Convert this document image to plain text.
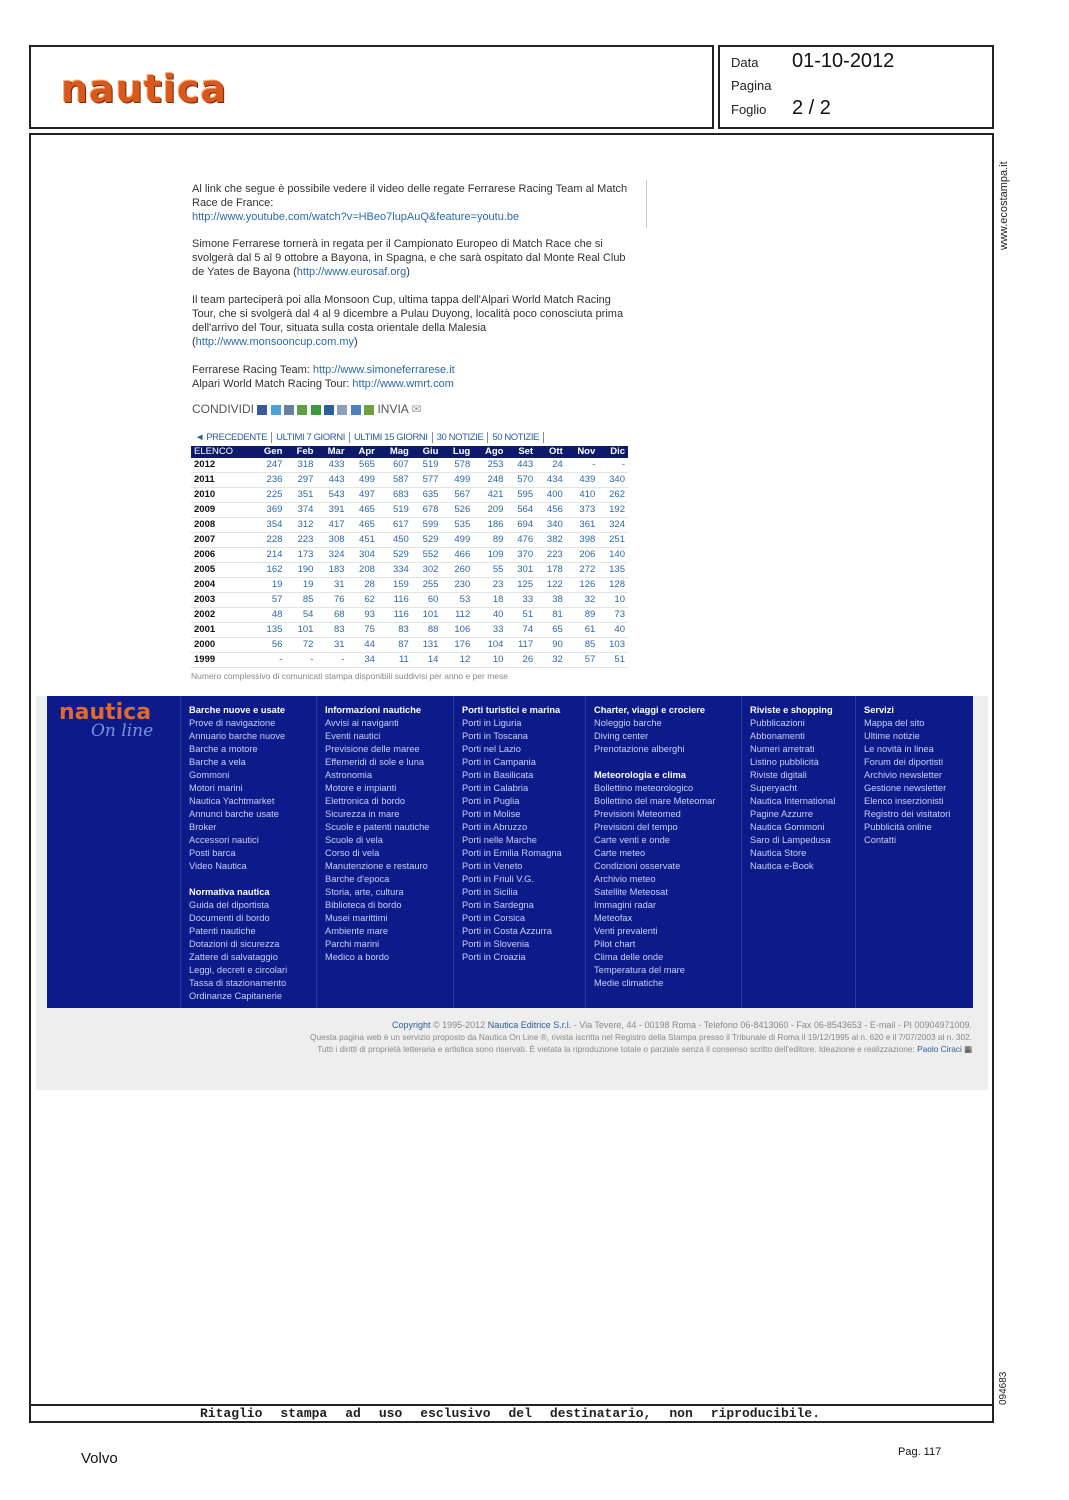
nautica
Data 01-10-2012
Pagina
Foglio 2 / 2
www.ecostampa.it
094683
Al link che segue è possibile vedere il video delle regate Ferrarese Racing Team al Match Race de France:
http://www.youtube.com/watch?v=HBeo7lupAuQ&feature=youtu.be
Simone Ferrarese tornerà in regata per il Campionato Europeo di Match Race che si svolgerà dal 5 al 9 ottobre a Bayona, in Spagna, e che sarà ospitato dal Monte Real Club de Yates de Bayona (http://www.eurosaf.org)
Il team parteciperà poi alla Monsoon Cup, ultima tappa dell'Alpari World Match Racing Tour, che si svolgerà dal 4 al 9 dicembre a Pulau Duyong, località poco conosciuta prima dell'arrivo del Tour, situata sulla costa orientale della Malesia (http://www.monsooncup.com.my)
Ferrarese Racing Team: http://www.simoneferrarese.it
Alpari World Match Racing Tour: http://www.wmrt.com
CONDIVIDI	INVIA ✉
◄ PRECEDENTE ULTIMI 7 GIORNI ULTIMI 15 GIORNI 30 NOTIZIE 50 NOTIZIE
ELENCO	Gen	Feb	Mar	Apr	Mag	Giu	Lug	Ago	Set	Ott	Nov	Dic
2012	247	318	433	565	607	519	578	253	443	24	-	-
2011	236	297	443	499	587	577	499	248	570	434	439	340
2010	225	351	543	497	683	635	567	421	595	400	410	262
2009	369	374	391	465	519	678	526	209	564	456	373	192
2008	354	312	417	465	617	599	535	186	694	340	361	324
2007	228	223	308	451	450	529	499	89	476	382	398	251
2006	214	173	324	304	529	552	466	109	370	223	206	140
2005	162	190	183	208	334	302	260	55	301	178	272	135
2004	19	19	31	28	159	255	230	23	125	122	126	128
2003	57	85	76	62	116	60	53	18	33	38	32	10
2002	48	54	68	93	116	101	112	40	51	81	89	73
2001	135	101	83	75	83	88	106	33	74	65	61	40
2000	56	72	31	44	87	131	176	104	117	90	85	103
1999	-	-	-	34	11	14	12	10	26	32	57	51
Numero complessivo di comunicati stampa disponibili suddivisi per anno e per mese
nautica
On line
Barche nuove e usate
Prove di navigazione
Annuario barche nuove
Barche a motore
Barche a vela
Gommoni
Motori marini
Nautica Yachtmarket
Annunci barche usate
Broker
Accessori nautici
Posti barca
Video Nautica
Normativa nautica
Guida del diportista
Documenti di bordo
Patenti nautiche
Dotazioni di sicurezza
Zattere di salvataggio
Leggi, decreti e circolari
Tassa di stazionamento
Ordinanze Capitanerie
Informazioni nautiche
Avvisi ai naviganti
Eventi nautici
Previsione delle maree
Effemeridi di sole e luna
Astronomia
Motore e impianti
Elettronica di bordo
Sicurezza in mare
Scuole e patenti nautiche
Scuole di vela
Corso di vela
Manutenzione e restauro
Barche d'epoca
Storia, arte, cultura
Biblioteca di bordo
Musei marittimi
Ambiente mare
Parchi marini
Medico a bordo
Porti turistici e marina
Porti in Liguria
Porti in Toscana
Porti nel Lazio
Porti in Campania
Porti in Basilicata
Porti in Calabria
Porti in Puglia
Porti in Molise
Porti in Abruzzo
Porti nelle Marche
Porti in Emilia Romagna
Porti in Veneto
Porti in Friuli V.G.
Porti in Sicilia
Porti in Sardegna
Porti in Corsica
Porti in Costa Azzurra
Porti in Slovenia
Porti in Croazia
Charter, viaggi e crociere
Noleggio barche
Diving center
Prenotazione alberghi
Meteorologia e clima
Bollettino meteorologico
Bollettino del mare Meteomar
Previsioni Meteomed
Previsioni del tempo
Carte venti e onde
Carte meteo
Condizioni osservate
Archivio meteo
Satellite Meteosat
Immagini radar
Meteofax
Venti prevalenti
Pilot chart
Clima delle onde
Temperatura del mare
Medie climatiche
Riviste e shopping
Pubblicazioni
Abbonamenti
Numeri arretrati
Listino pubblicità
Riviste digitali
Superyacht
Nautica International
Pagine Azzurre
Nautica Gommoni
Saro di Lampedusa
Nautica Store
Nautica e-Book
Servizi
Mappa del sito
Ultime notizie
Le novità in linea
Forum dei diportisti
Archivio newsletter
Gestione newsletter
Elenco inserzionisti
Registro dei visitatori
Pubblicità online
Contatti
Copyright © 1995-2012 Nautica Editrice S.r.l. - Via Tevere, 44 - 00198 Roma - Telefono 06-8413060 - Fax 06-8543653 - E-mail - PI 00904971009.
Questa pagina web è un servizio proposto da Nautica On Line ®, rivista iscritta nel Registro della Stampa presso il Tribunale di Roma il 19/12/1995 al n. 620 e il 7/07/2003 al n. 302.
Tutti i diritti di proprietà letteraria e artistica sono riservati. È vietata la riproduzione totale o parziale senza il consenso scritto dell'editore. Ideazione e realizzazione: Paolo Ciraci ▦
Ritaglio stampa ad uso esclusivo del destinatario, non riproducibile.
Volvo	Pag. 117
